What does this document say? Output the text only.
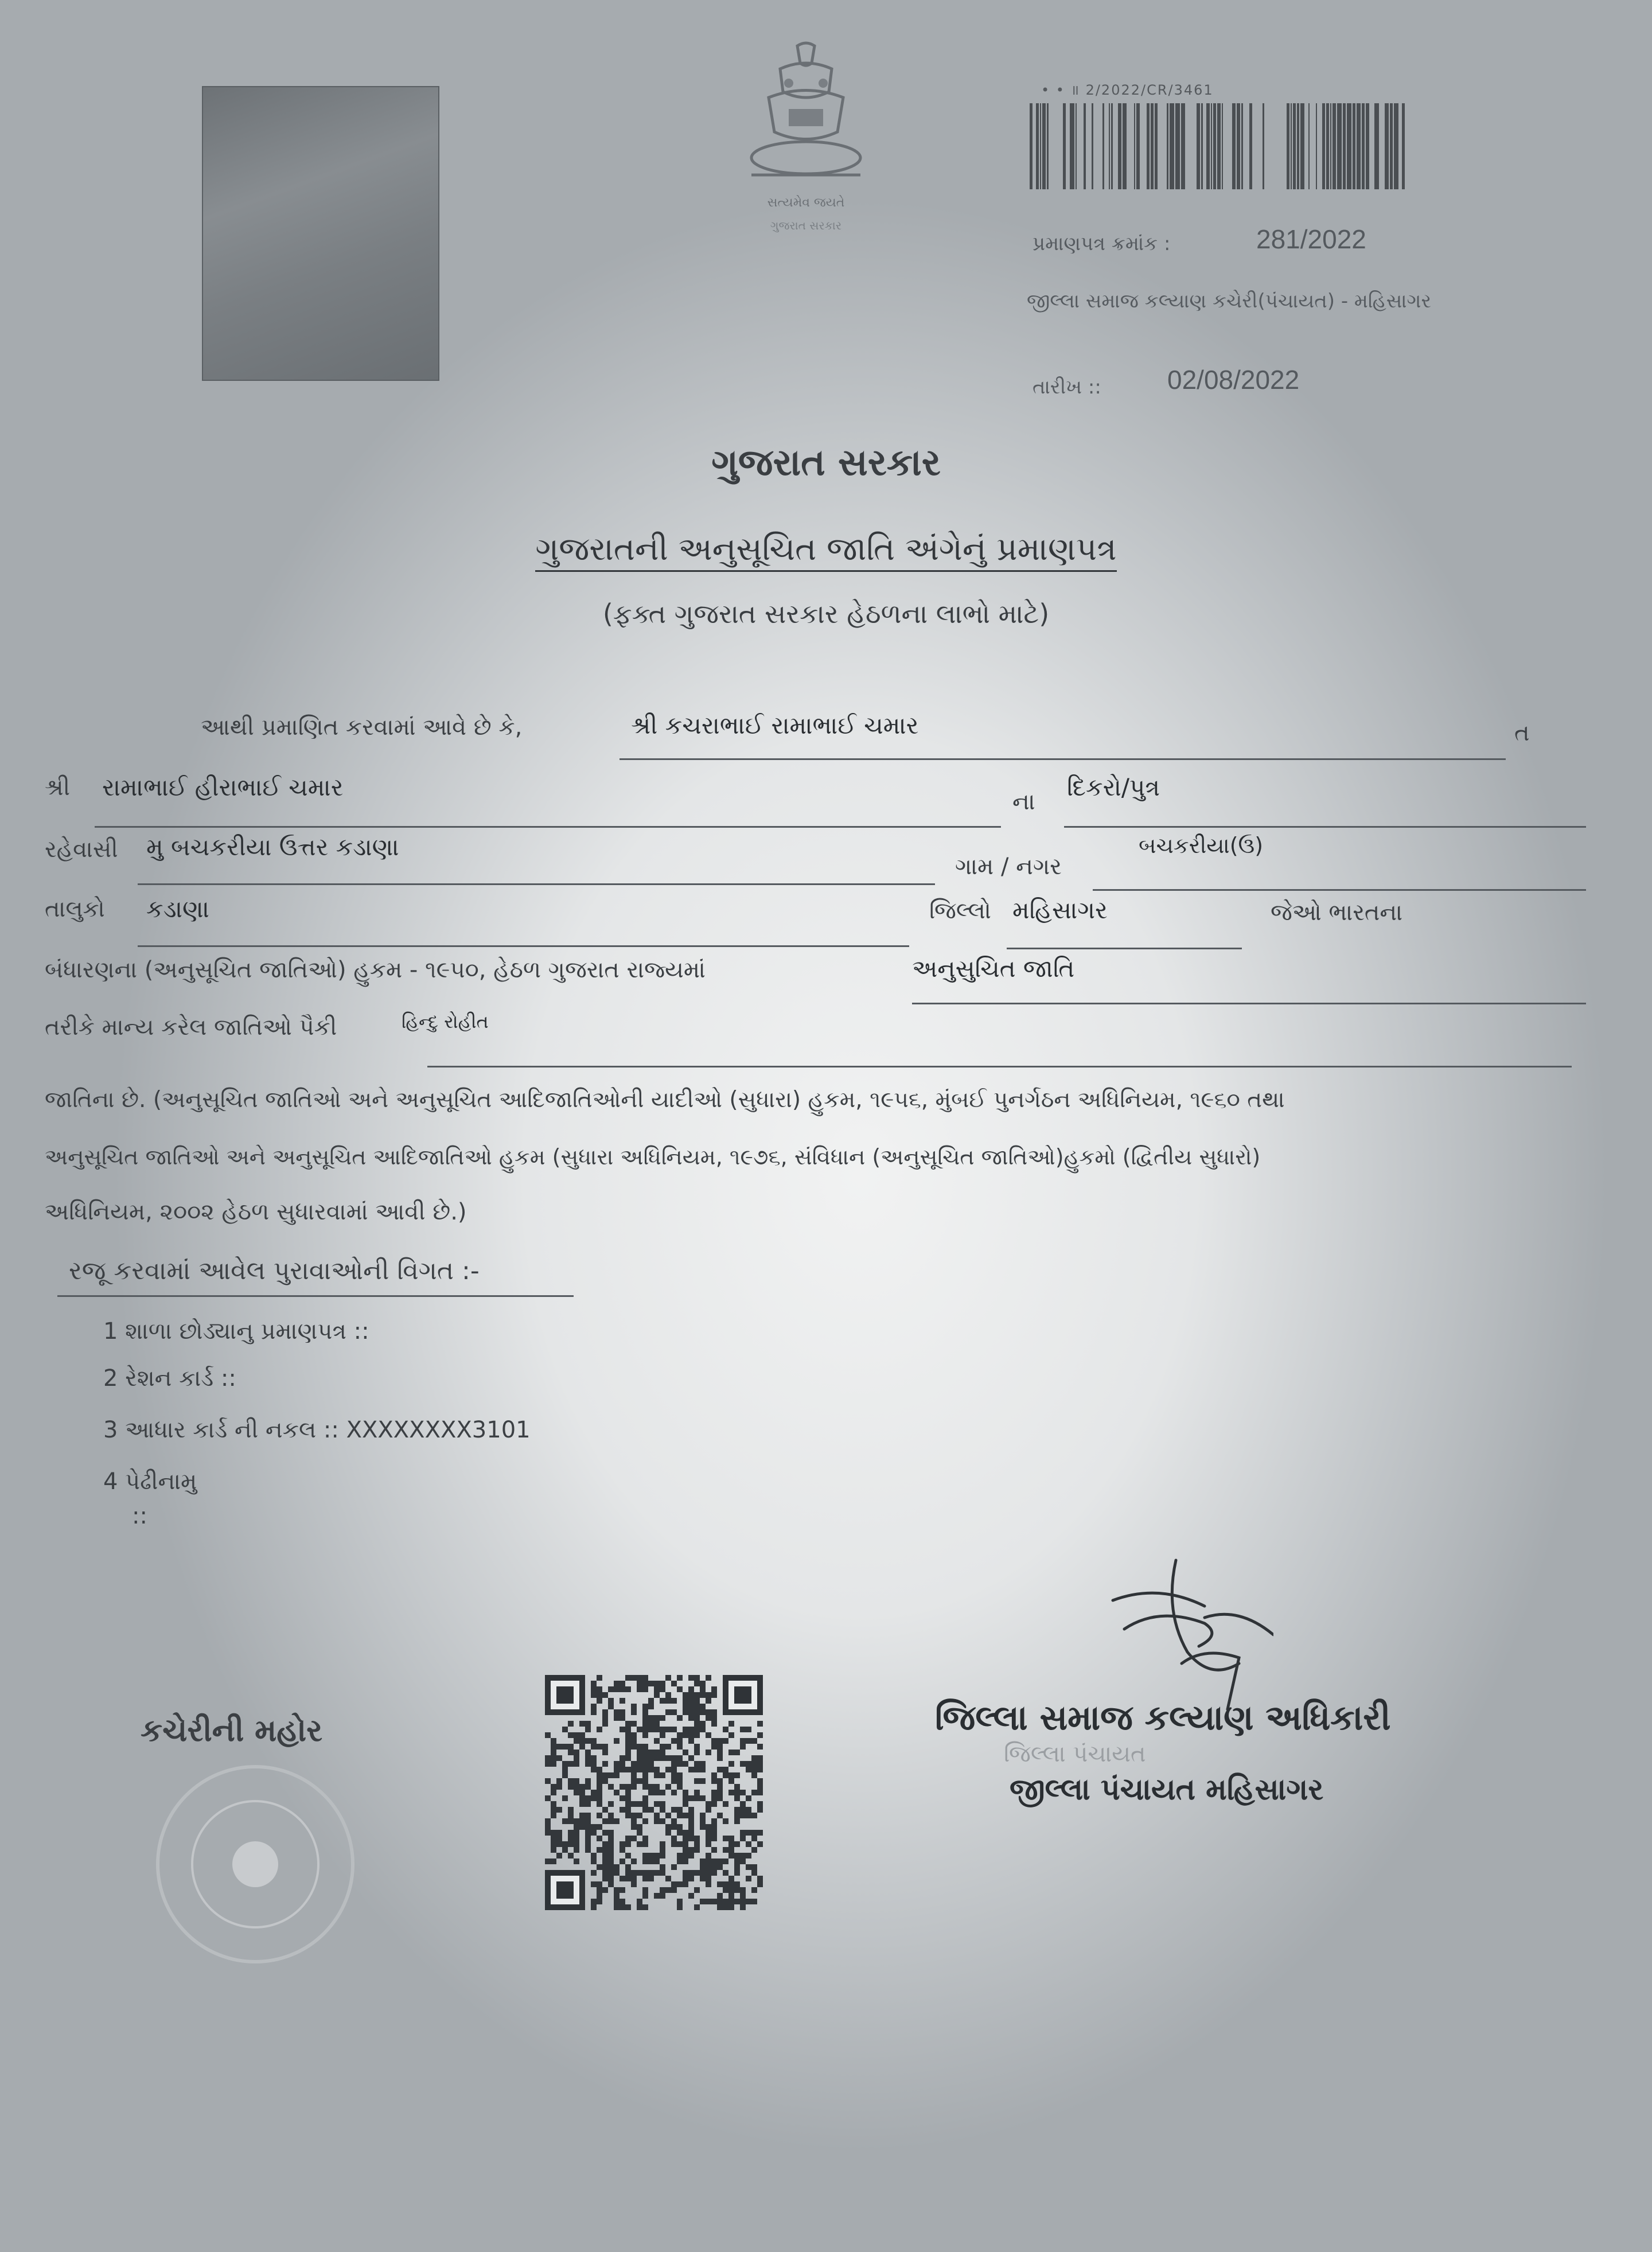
સત્યમેવ જયતે
ગુજરાત સરકાર
• • ॥ 2/2022/CR/3461
પ્રમાણપત્ર ક્રમાંક :	281/2022
જીલ્લા સમાજ કલ્યાણ કચેરી(પંચાયત) - મહિસાગર
તારીખ ::	02/08/2022
ગુજરાત સરકાર
ગુજરાતની અનુસૂચિત જાતિ અંગેનું પ્રમાણપત્ર
(ફક્ત ગુજરાત સરકાર હેઠળના લાભો માટે)
આથી પ્રમાણિત કરવામાં આવે છે કે,	શ્રી કચરાભાઈ રામાભાઈ ચમાર	ત
શ્રી રામાભાઈ હીરાભાઈ ચમાર
ના
દિકરો/પુત્ર
રહેવાસી મુ બચકરીયા ઉત્તર કડાણા
ગામ / નગર
બચકરીયા(ઉ)
તાલુકો કડાણા	જિલ્લો મહિસાગર	જેઓ ભારતના
બંધારણના (અનુસૂચિત જાતિઓ) હુકમ - ૧૯૫૦, હેઠળ ગુજરાત રાજ્યમાં	અનુસુચિત જાતિ
તરીકે માન્ય કરેલ જાતિઓ પૈકી	હિન્દુ રોહીત
જાતિના છે. (અનુસૂચિત જાતિઓ અને અનુસૂચિત આદિજાતિઓની યાદીઓ (સુધારા) હુકમ, ૧૯૫૬, મુંબઈ પુનર્ગઠન અધિનિયમ, ૧૯૬૦ તથા
અનુસૂચિત જાતિઓ અને અનુસૂચિત આદિજાતિઓ હુકમ (સુધારા અધિનિયમ, ૧૯૭૬, સંવિધાન (અનુસૂચિત જાતિઓ)હુકમો (દ્વિતીય સુધારો)
અધિનિયમ, ૨૦૦૨ હેઠળ સુધારવામાં આવી છે.)
રજૂ કરવામાં આવેલ પુરાવાઓની વિગત :-
1 શાળા છોડ્યાનુ પ્રમાણપત્ર ::
2 રેશન કાર્ડ ::
3 આધાર કાર્ડ ની નકલ :: XXXXXXXX3101
4 પેઢીનામુ
::
કચેરીની મહોર	જિલ્લા સમાજ કલ્યાણ અધિકારી
જિલ્લા પંચાયત
જીલ્લા પંચાયત મહિસાગર
